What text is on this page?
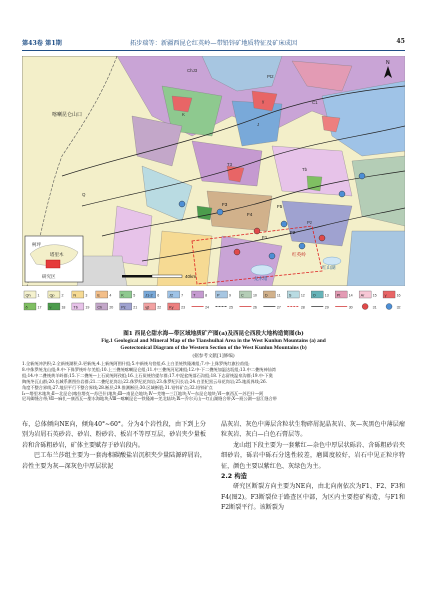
第43卷 第1期	拓步瑞等：新疆西昆仑红英岭—带铅锌矿地质特征及矿床成因	45
柯坪
塔里木
研究区
喀喇昆仑山口
红山湖
龙木错
F3
F4
F5
F1
F2
红英岭
Pt2
ChJ3
C1
T3
Tb
J
Pz
K
γ
Q
40km
N
Qh 1	Qp 2	N	3	E	4	K	5	J1-2 6	J2 7	T	8	P	9	C	10 D	11 S	12 O	13 Pt 14 Ar 15 γ	16
δ	17 ν	18 Tb 19 Ch 20 Pz 21 γβ 22 Kγ 23	24	25	26	27	28	29	30	31	32
图1 西昆仑甜水海—带区域地质矿产图(a)及西昆仑西段大地构造简图(b)
Fig.1 Geological and Mineral Map of the Tianshuihai Area in the West Kunlun Mountains (a) and
Geotectonical Diagram of the Western Section of the West Kunlun Mountains (b)
(据参考文献[1]修编)
1.全新统冲洪积;2.全新统湖积;3.更新统;4.上新统阿图什组;5.中新统乌恰组;6.上白垩统铁隆滩组;7.中-上侏罗统红旗拉甫组;
8.中侏罗统龙山组;9.中-下侏罗统叶尔羌组;10.上三叠统喀喇昆仑组;11.中三叠统河尾滩组;12.中-下二叠统加温达坂组;13.中二叠统神仙湾
组;14.中二叠统黄羊岭群;15.下二叠统—上石炭统阿孜组;16.上石炭统恰提尔群;17.中泥盆统落石沟组;18.下志留统温泉沟群;19.中-下奥
陶统冬瓦山群;20.长城系赛图拉岩群;21.二叠纪花岗岩;22.侏罗纪花岗岩;23.侏罗纪闪长岩;24.白垩纪黑云母花岗岩;25.地质界线;26.
角度不整合界线;27.地层平行不整合界线;28.断层;29.推测断层;30.区域断裂;31.铅锌矿点;32.铅锌矿点
Ⅰ₂—塔里木地块;Ⅱ—北昆仑(喀拉塔克—苏巴什)地块;Ⅲ—南昆仑地块;Ⅳ—羌塘—三江地块;Ⅴ—东昆仑地块;Ⅵ—康西瓦—苏巴什—阿
尼玛卿缝合带;Ⅶ—麻扎—康西瓦—甜水海地块;Ⅷ—喀喇昆仑—铁隆滩—羌北陆块;Ⅸ—乔尔天山—红山湖缝合带;Ⅹ—班公湖—怒江缝合带

布，总体倾向NE向，倾角40°~60°。分为4个岩性段，由下到上分别为岩屑石英砂岩、砂岩、粉砂岩、板岩不等厚互层，砂岩夹少量板岩和含砾粗砂岩，矿体主要赋存于砂岩段内。

巴工布兰莎组主要为一套海相碳酸盐岩沉积夹少量陆源碎屑岩，岩性主要为灰—深灰色中厚层状泥

晶灰岩、灰色中薄层含粒状生物碎屑泥晶灰岩、灰—灰黑色中薄层瘤粒灰岩、灰白—白色石膏层等。

龙山组下段主要为一套紫红—杂色中厚层状砾岩、含砾粗砂岩夹细砂岩，砾岩中砾石分选性较差，磨圆度较好，岩石中见正粒序特征，颜色主要以紫红色、灰绿色为主。

2.2 构造

研究区断裂方向主要为NE向，由北向南依次为F1、F2、F3和F4(图2)。F3断裂位于路查区中部，为区内主要控矿构造，与F1和F2断裂平行。该断裂为
